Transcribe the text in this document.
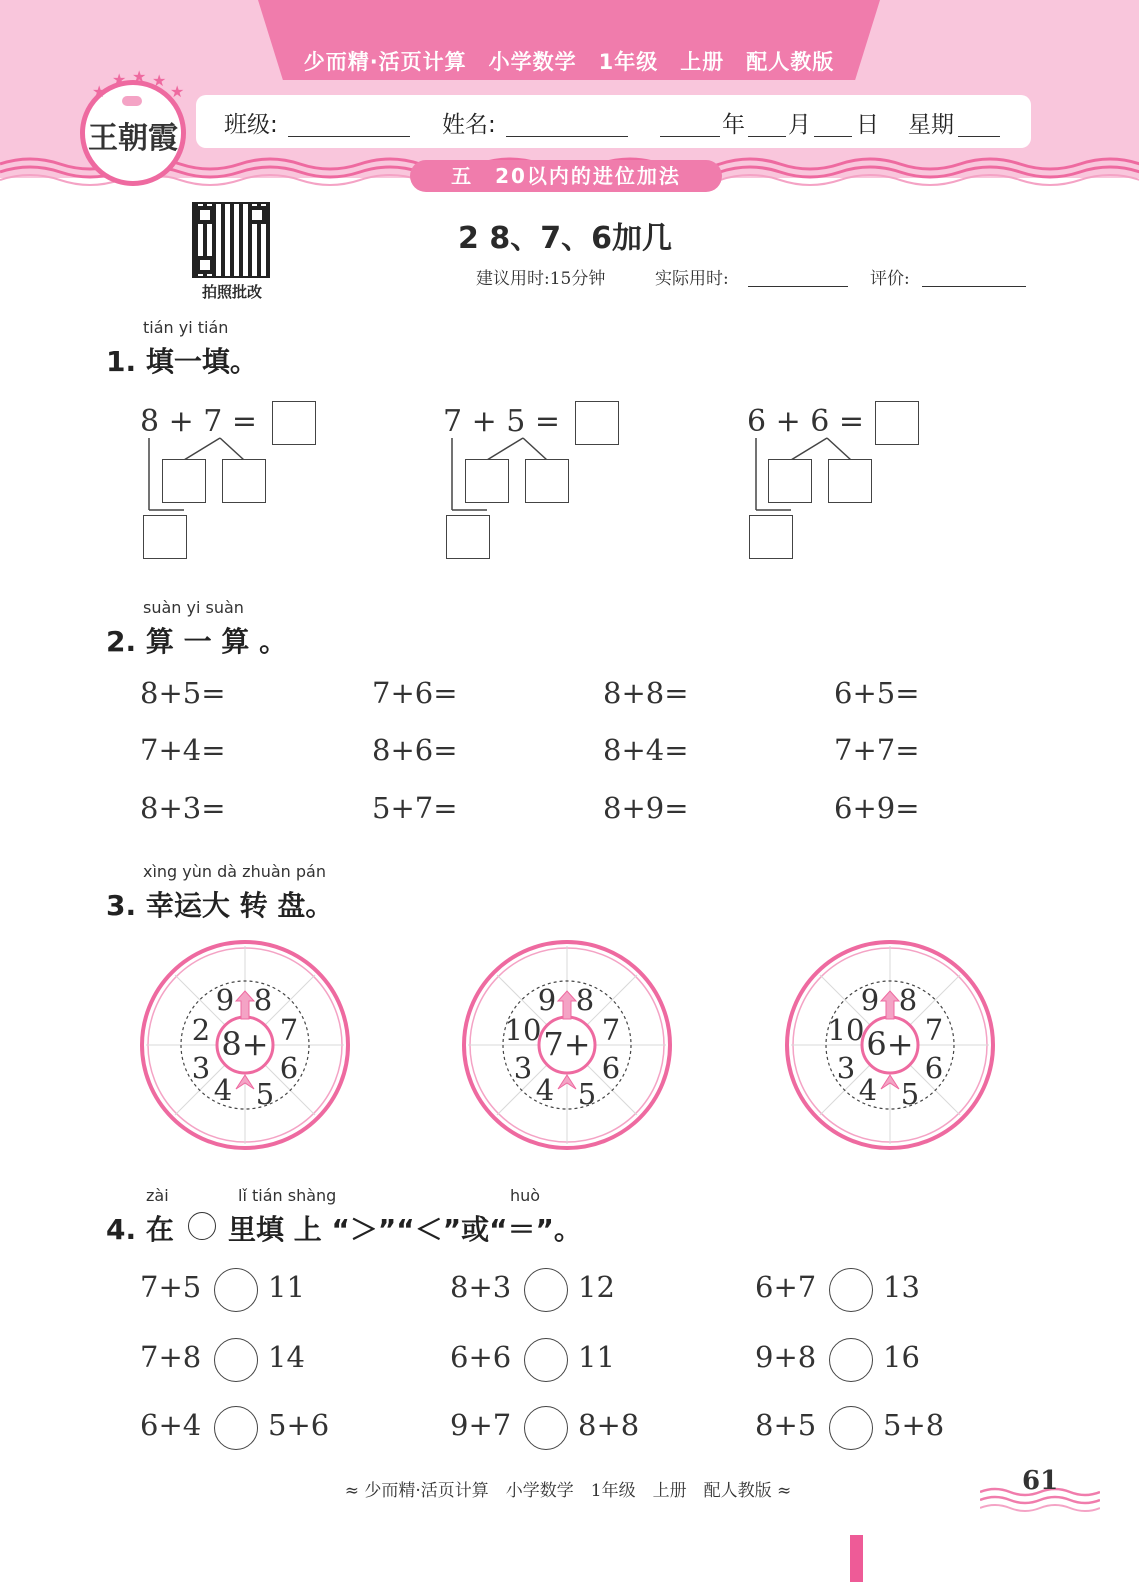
少而精·活页计算　小学数学　1年级　上册　配人教版
班级:	姓名:	年 月 日 星期
五　20以内的进位加法
★
★ ★ ★
★
王朝霞
拍照批改
2 8、7、6加几
建议用时:15分钟	实际用时:	评价:
tián yi tián
1. 填一填。
8 + 7 =	7 + 5 =	6 + 6 =
suàn yi suàn
2. 算 一 算 。
8+5=	7+6=	8+8=	6+5=
7+4=	8+6=	8+4=	7+7=
8+3=	5+7=	8+9=	6+9=
xìng yùn dà zhuàn pán
3. 幸运大 转 盘。
zài	lǐ tián shàng	huò
4. 在 里填 上 “＞”“＜”或“＝”。
≈ 少而精·活页计算　小学数学　1年级　上册　配人教版 ≈	61
8+
9 8
7
6
5
4
3
2	7+
9 8
7
6
5
4
3
10	6+
9 8
7
6
5
4
3
10
7+5 11	8+3 12	6+7 13
7+8 14	6+6 11	9+8 16
6+4 5+6	9+7 8+8	8+5 5+8
